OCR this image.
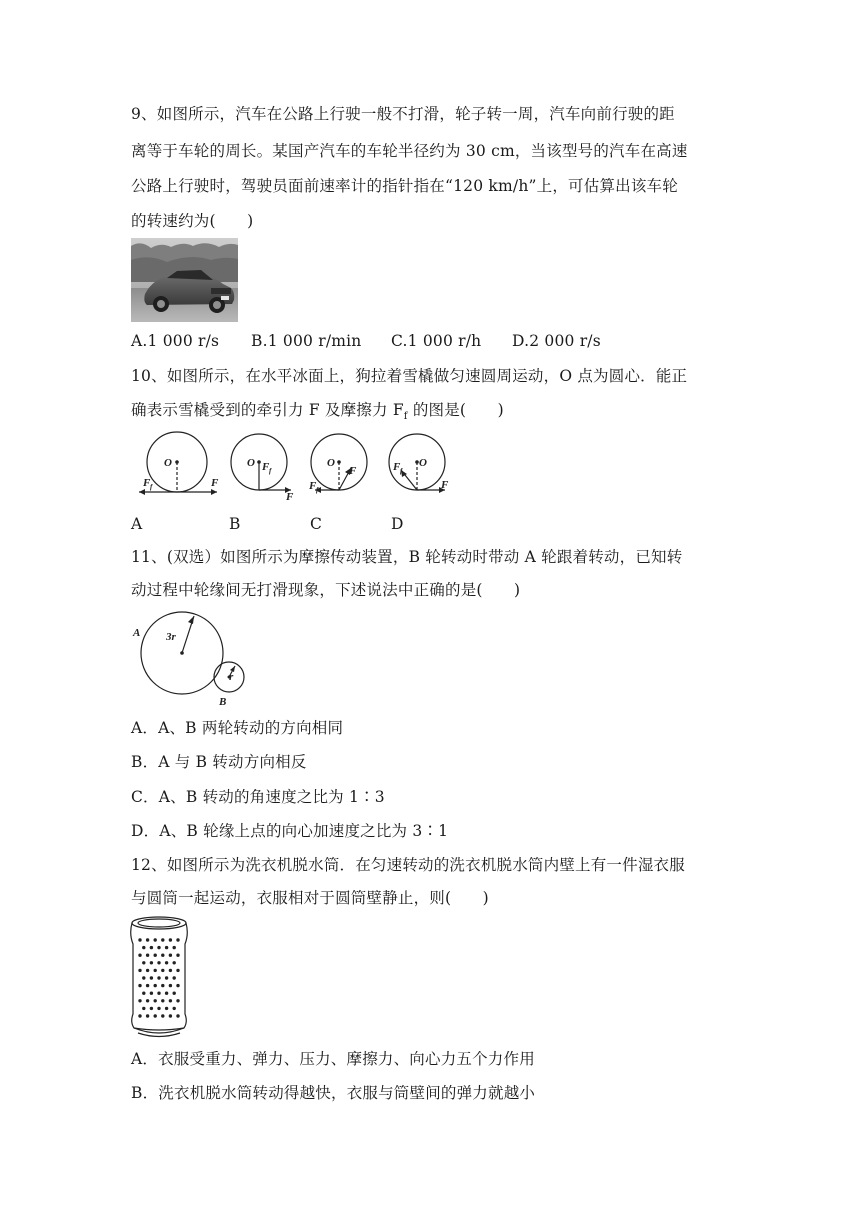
9、如图所示，汽车在公路上行驶一般不打滑，轮子转一周，汽车向前行驶的距
离等于车轮的周长。某国产汽车的车轮半径约为 30 cm，当该型号的汽车在高速
公路上行驶时，驾驶员面前速率计的指针指在“120 km/h”上，可估算出该车轮
的转速约为(　　)
A.1 000 r/s B.1 000 r/min C.1 000 r/h D.2 000 r/s
10、如图所示，在水平冰面上，狗拉着雪橇做匀速圆周运动，O 点为圆心．能正
确表示雪橇受到的牵引力 F 及摩擦力 $F_f$ 的图是(　　)
O
F f	F
O F f
F
O
F f
F
O
F f
F
A	B	C	D
11、(双选）如图所示为摩擦传动装置，B 轮转动时带动 A 轮跟着转动，已知转
动过程中轮缘间无打滑现象，下述说法中正确的是(　　)
A 3r
r
B
A．A、B 两轮转动的方向相同
B．A 与 B 转动方向相反
C．A、B 转动的角速度之比为 1∶3
D．A、B 轮缘上点的向心加速度之比为 3∶1
12、如图所示为洗衣机脱水筒．在匀速转动的洗衣机脱水筒内壁上有一件湿衣服
与圆筒一起运动，衣服相对于圆筒壁静止，则(　　)
A．衣服受重力、弹力、压力、摩擦力、向心力五个力作用
B．洗衣机脱水筒转动得越快，衣服与筒壁间的弹力就越小
